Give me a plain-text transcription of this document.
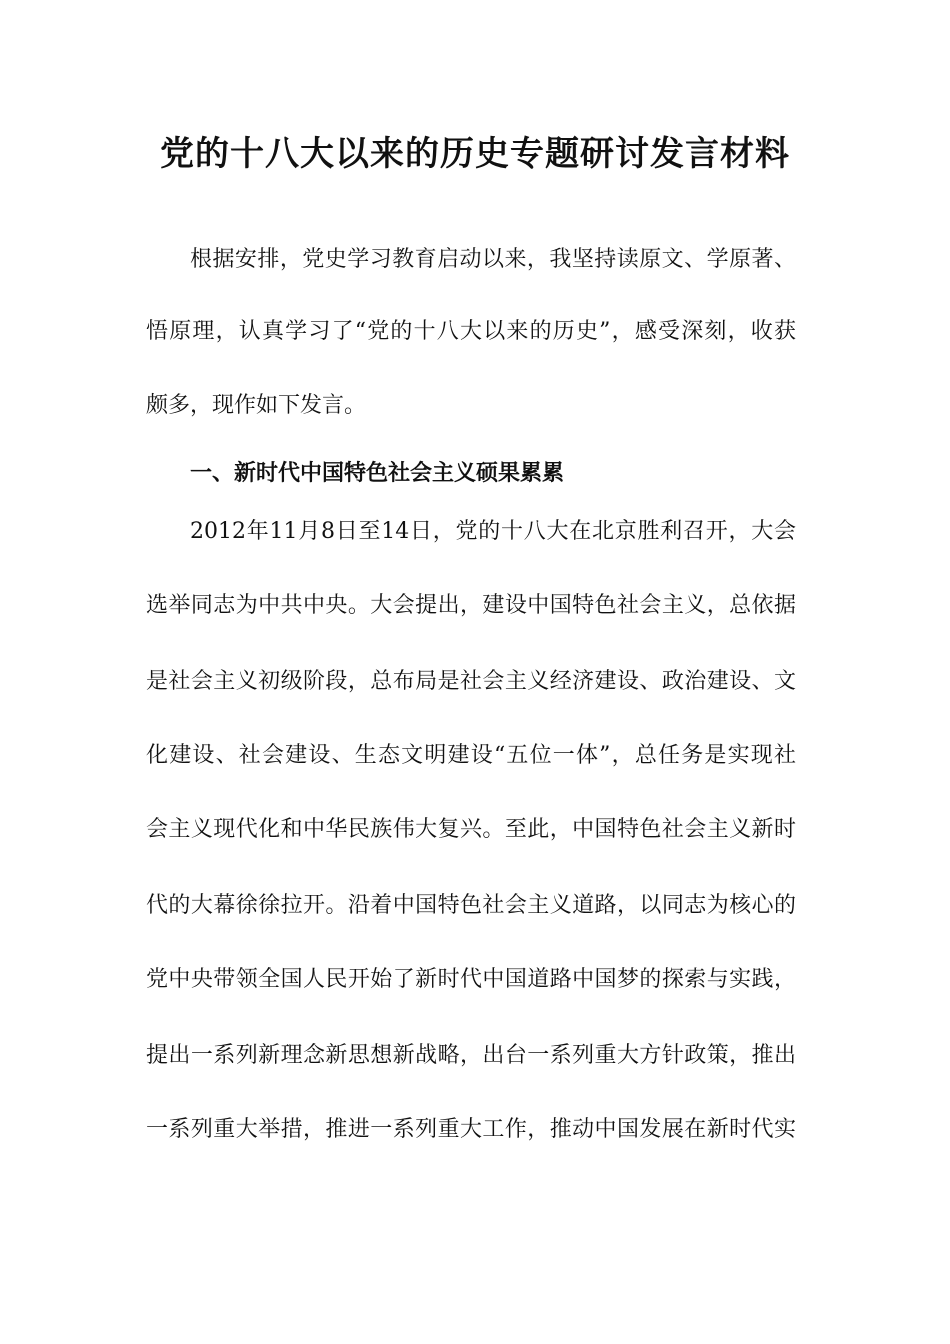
党的十八大以来的历史专题研讨发言材料
根据安排，党史学习教育启动以来，我坚持读原文、学原著、
悟原理，认真学习了“党的十八大以来的历史”，感受深刻，收获
颇多，现作如下发言。
一、新时代中国特色社会主义硕果累累
2012年11月8日至14日，党的十八大在北京胜利召开，大会
选举同志为中共中央。大会提出，建设中国特色社会主义，总依据
是社会主义初级阶段，总布局是社会主义经济建设、政治建设、文
化建设、社会建设、生态文明建设“五位一体”，总任务是实现社
会主义现代化和中华民族伟大复兴。至此，中国特色社会主义新时
代的大幕徐徐拉开。沿着中国特色社会主义道路，以同志为核心的
党中央带领全国人民开始了新时代中国道路中国梦的探索与实践，
提出一系列新理念新思想新战略，出台一系列重大方针政策，推出
一系列重大举措，推进一系列重大工作，推动中国发展在新时代实
